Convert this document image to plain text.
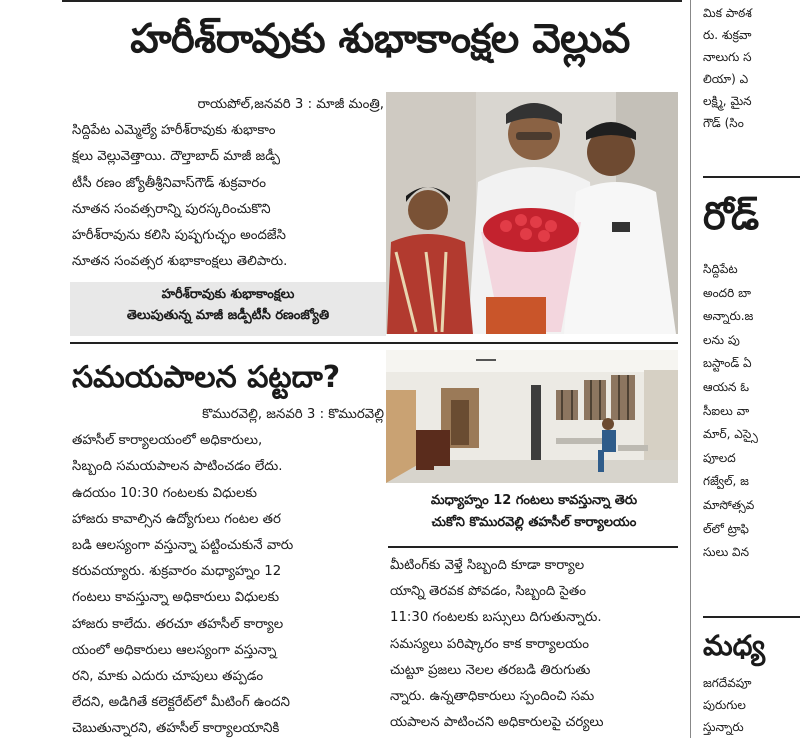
హరీశ్‌రావుకు శుభాకాంక్షల వెల్లువ
రాయపోల్,జనవరి 3 : మాజీ మంత్రి,
సిద్దిపేట ఎమ్మెల్యే హరీశ్‌రావుకు శుభాకాం
క్షలు వెల్లువెత్తాయి. దౌల్తాబాద్ మాజీ జడ్పీ
టీసీ రణం జ్యోతీశ్రీనివాస్‌గౌడ్ శుక్రవారం
నూతన సంవత్సరాన్ని పురస్కరించుకొని
హరీశ్‌రావును కలిసి పుష్పగుచ్ఛం అందజేసి
నూతన సంవత్సర శుభాకాంక్షలు తెలిపారు.
హరీశ్‌రావుకు శుభాకాంక్షలు
తెలుపుతున్న మాజీ జడ్పీటీసీ రణంజ్యోతి
సమయపాలన పట్టదా?
కొమురవెల్లి, జనవరి 3 : కొమురవెల్లి
తహసీల్ కార్యాలయంలో అధికారులు,
సిబ్బంది సమయపాలన పాటించడం లేదు.
ఉదయం 10:30 గంటలకు విధులకు
హాజరు కావాల్సిన ఉద్యోగులు గంటల తర
బడి ఆలస్యంగా వస్తున్నా పట్టించుకునే వారు
కరువయ్యారు. శుక్రవారం మధ్యాహ్నం 12
గంటలు కావస్తున్నా అధికారులు విధులకు
హాజరు కాలేదు. తరచూ తహసీల్ కార్యాల
యంలో అధికారులు ఆలస్యంగా వస్తున్నా
రని, మాకు ఎదురు చూపులు తప్పడం
లేదని, అడిగితే కలెక్టరేట్‌లో మీటింగ్ ఉందని
చెబుతున్నారని, తహసీల్ కార్యాలయానికి
మధ్యాహ్నం 12 గంటలు కావస్తున్నా తెరు
చుకోని కొమురవెల్లి తహసీల్ కార్యాలయం
మీటింగ్‌కు వెళ్తే సిబ్బంది కూడా కార్యాల
యాన్ని తెరవక పోవడం, సిబ్బంది సైతం
11:30 గంటలకు బస్సులు దిగుతున్నారు.
సమస్యలు పరిష్కారం కాక కార్యాలయం
చుట్టూ ప్రజలు నెలల తరబడి తిరుగుతు
న్నారు. ఉన్నతాధికారులు స్పందించి సమ
యపాలన పాటించని అధికారులపై చర్యలు
మిక పాఠశ
రు. శుక్రవా
నాలుగు స
లియా) ఎ
లక్ష్మి, మైన
గౌడ్ (సిం
రోడ్
సిద్దిపేట
అందరి బా
అన్నారు.జ
లను పు
బస్టాండ్ ఏ
ఆయన ఓ
సీఐలు వా
మార్, ఎస్సై
పూలద
గజ్వేల్, జ
మాసోత్సవ
ల్‌లో ట్రాఫి
సులు విన
మధ్య
జగదేవపూ
పురుగుల
స్తున్నారు
